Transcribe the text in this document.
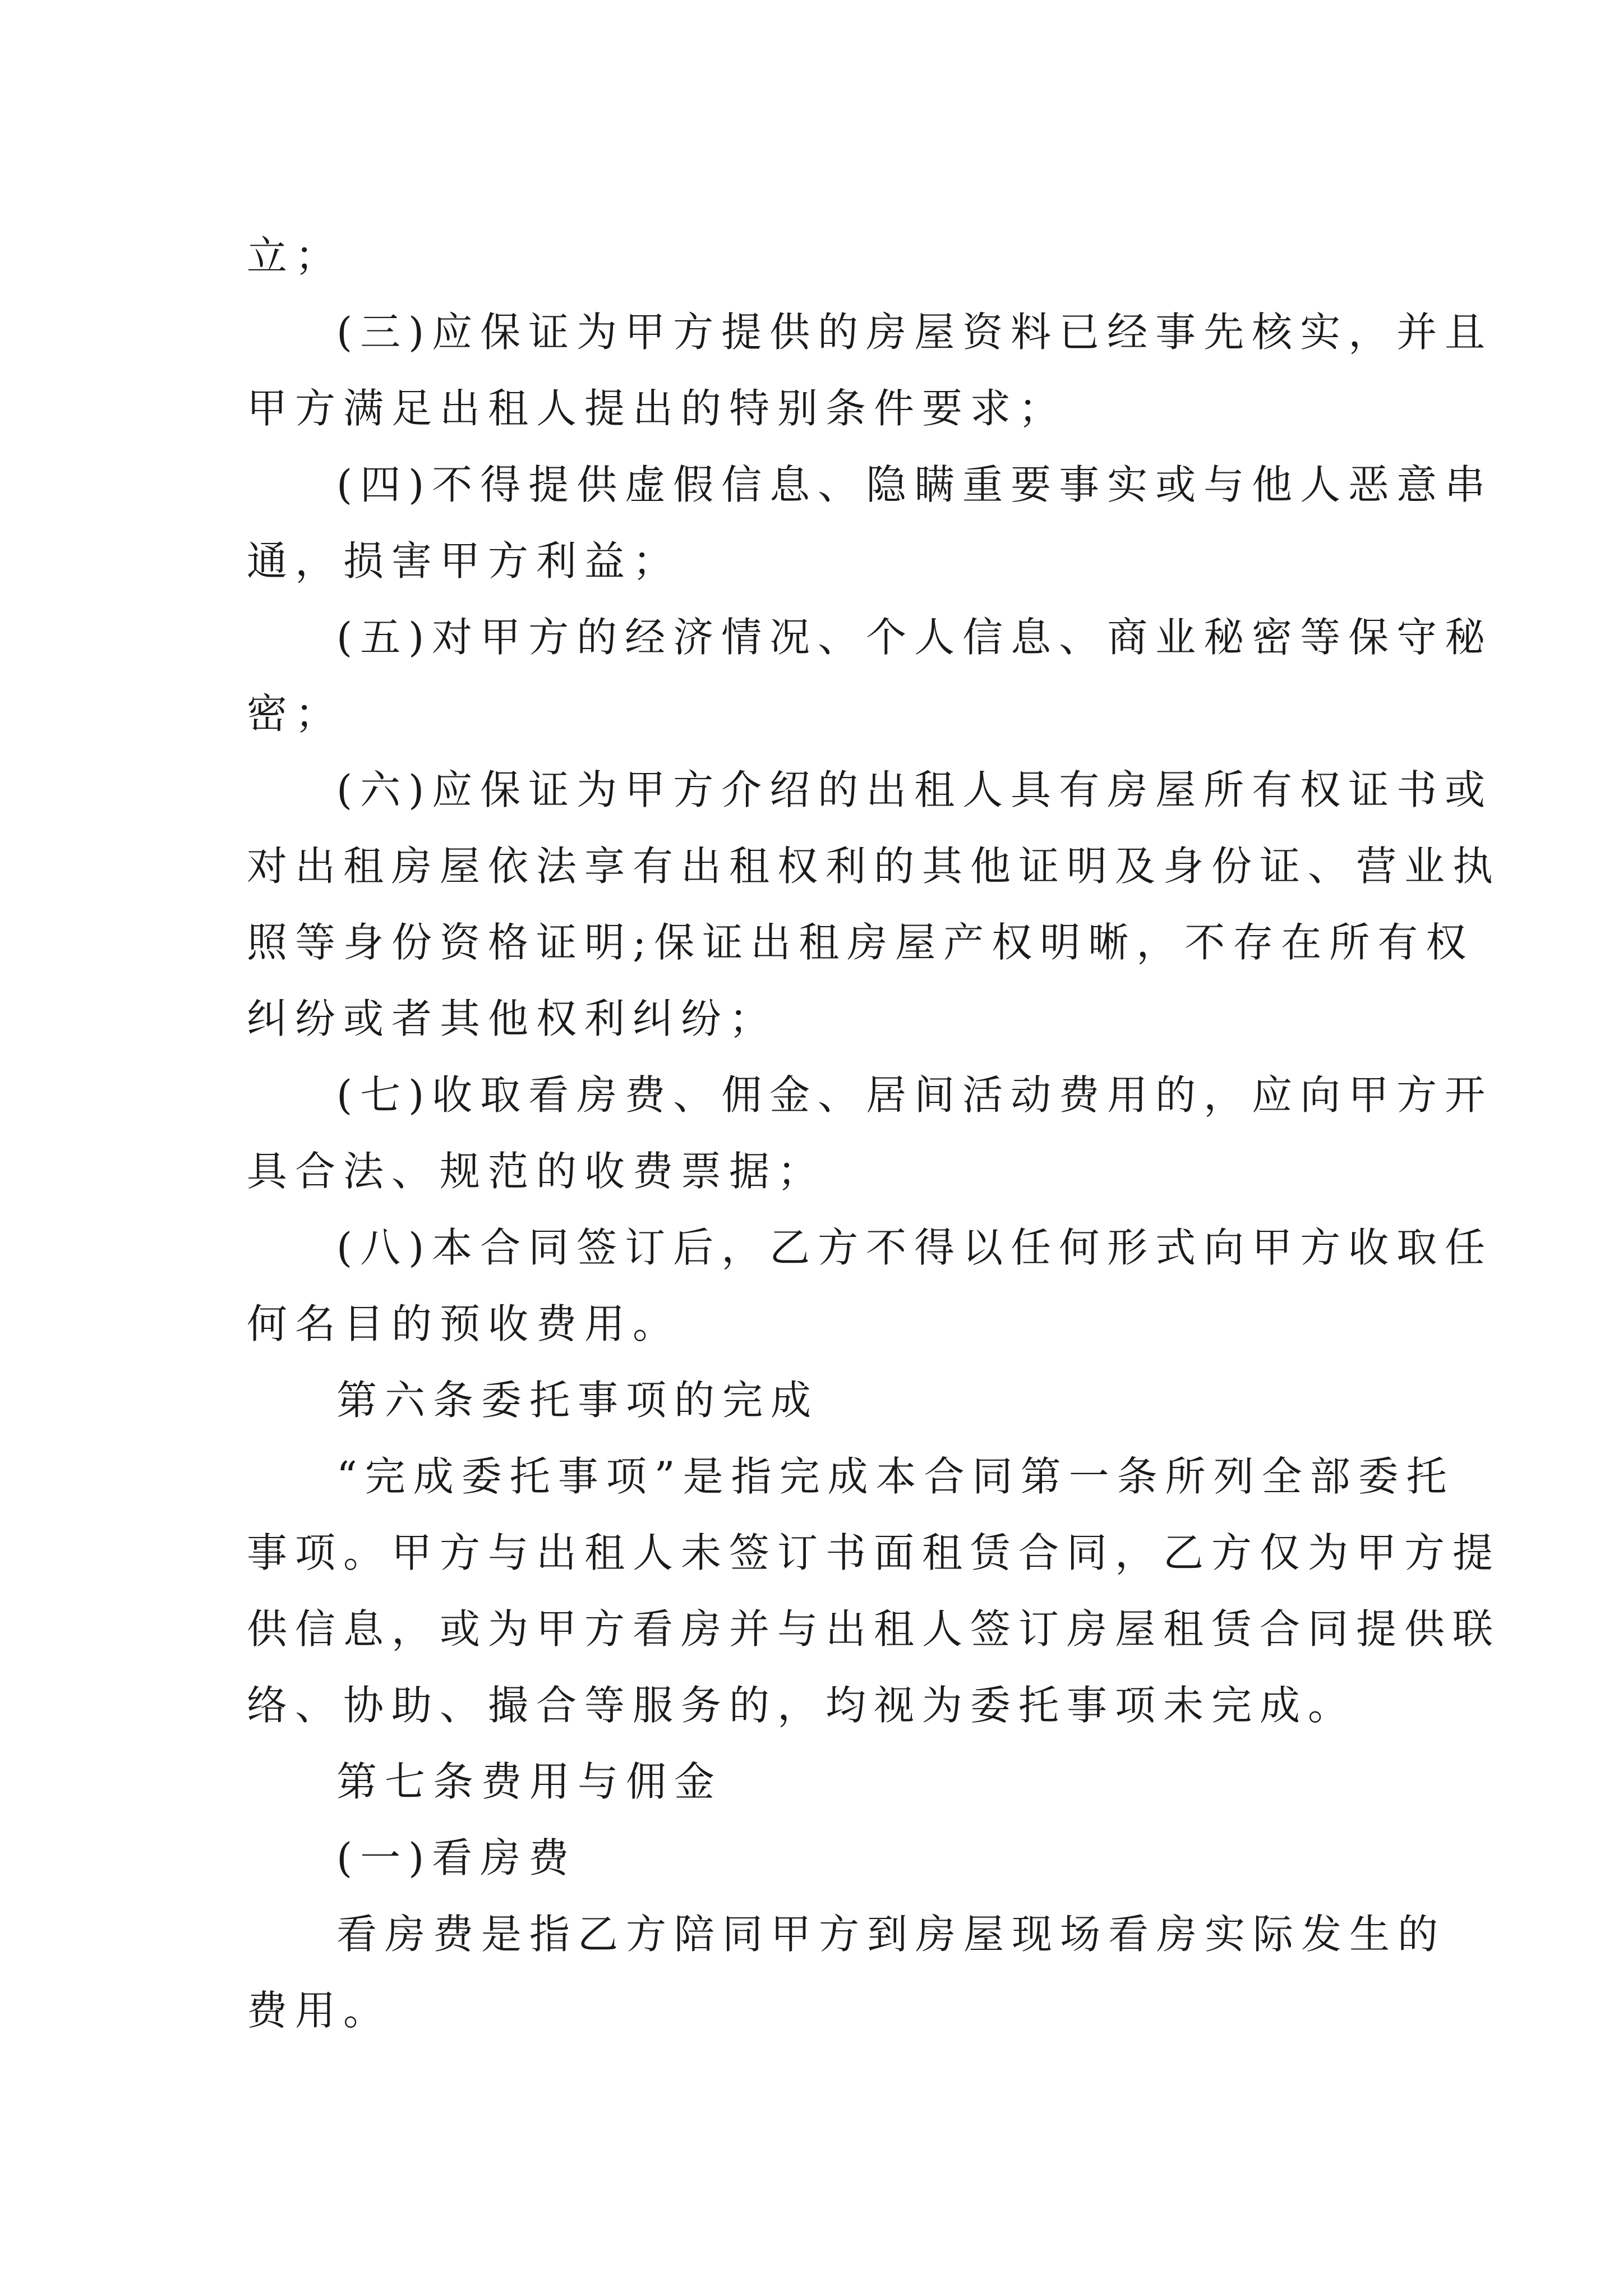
立；

(三)应保证为甲方提供的房屋资料已经事先核实，并且

甲方满足出租人提出的特别条件要求；

(四)不得提供虚假信息、隐瞒重要事实或与他人恶意串

通，损害甲方利益；

(五)对甲方的经济情况、个人信息、商业秘密等保守秘

密；

(六)应保证为甲方介绍的出租人具有房屋所有权证书或

对出租房屋依法享有出租权利的其他证明及身份证、营业执

照等身份资格证明;保证出租房屋产权明晰，不存在所有权

纠纷或者其他权利纠纷；

(七)收取看房费、佣金、居间活动费用的，应向甲方开

具合法、规范的收费票据；

(八)本合同签订后，乙方不得以任何形式向甲方收取任

何名目的预收费用。

第六条委托事项的完成

“完成委托事项”是指完成本合同第一条所列全部委托

事项。甲方与出租人未签订书面租赁合同，乙方仅为甲方提

供信息，或为甲方看房并与出租人签订房屋租赁合同提供联

络、协助、撮合等服务的，均视为委托事项未完成。

第七条费用与佣金

(一)看房费

看房费是指乙方陪同甲方到房屋现场看房实际发生的

费用。
